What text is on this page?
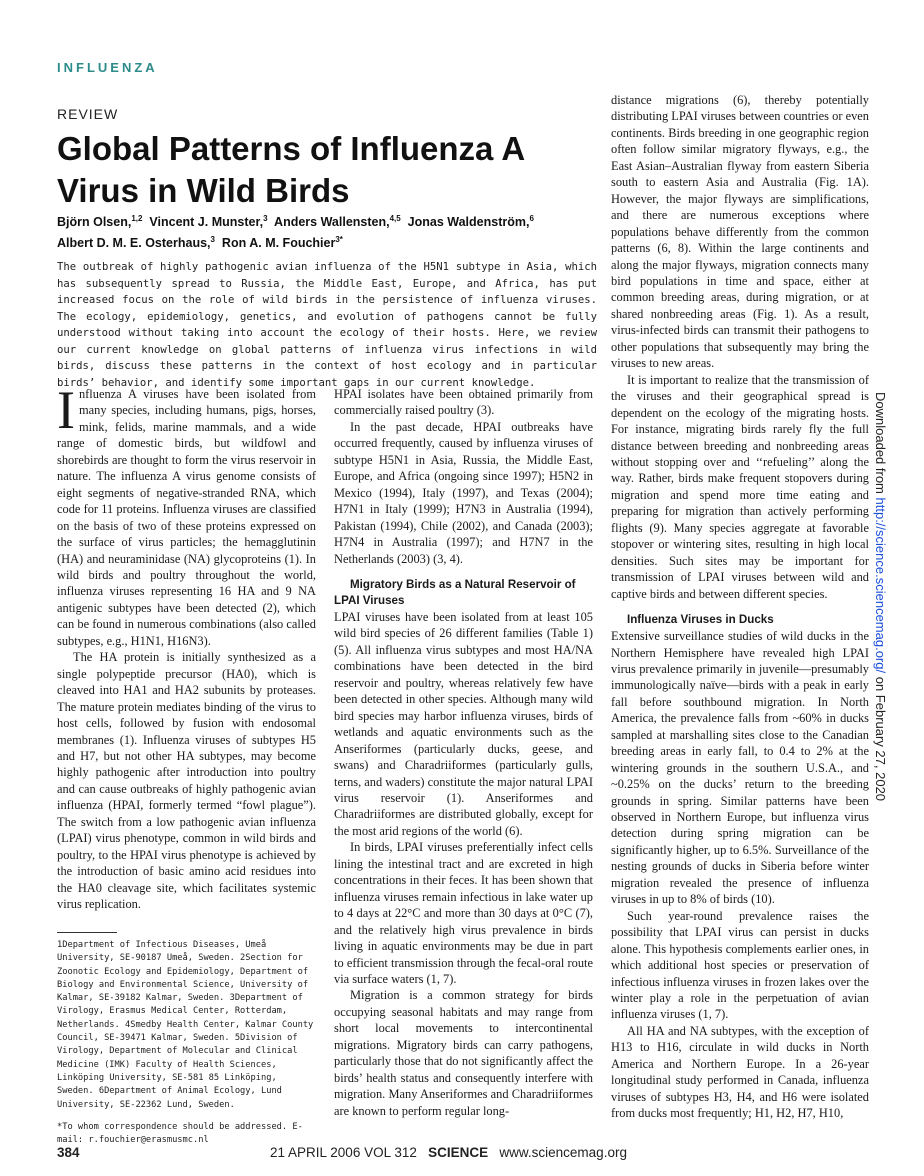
INFLUENZA
REVIEW
Global Patterns of Influenza A Virus in Wild Birds
Björn Olsen,$^{1,2}$ Vincent J. Munster,$^3$ Anders Wallensten,$^{4,5}$ Jonas Waldenström,$^6$
Albert D. M. E. Osterhaus,$^3$ Ron A. M. Fouchier$^{3*}$
The outbreak of highly pathogenic avian influenza of the H5N1 subtype in Asia, which has subsequently spread to Russia, the Middle East, Europe, and Africa, has put increased focus on the role of wild birds in the persistence of influenza viruses. The ecology, epidemiology, genetics, and evolution of pathogens cannot be fully understood without taking into account the ecology of their hosts. Here, we review our current knowledge on global patterns of influenza virus infections in wild birds, discuss these patterns in the context of host ecology and in particular birds’ behavior, and identify some important gaps in our current knowledge.

Influenza A viruses have been isolated from many species, including humans, pigs, horses, mink, felids, marine mammals, and a wide range of domestic birds, but wildfowl and shorebirds are thought to form the virus reservoir in nature. The influenza A virus genome consists of eight segments of negative-stranded RNA, which code for 11 proteins. Influenza viruses are classified on the basis of two of these proteins expressed on the surface of virus particles; the hemagglutinin (HA) and neuraminidase (NA) glycoproteins (1). In wild birds and poultry throughout the world, influenza viruses representing 16 HA and 9 NA antigenic subtypes have been detected (2), which can be found in numerous combinations (also called subtypes, e.g., H1N1, H16N3).

The HA protein is initially synthesized as a single polypeptide precursor (HA0), which is cleaved into HA1 and HA2 subunits by proteases. The mature protein mediates binding of the virus to host cells, followed by fusion with endosomal membranes (1). Influenza viruses of subtypes H5 and H7, but not other HA subtypes, may become highly pathogenic after introduction into poultry and can cause outbreaks of highly pathogenic avian influenza (HPAI, formerly termed “fowl plague”). The switch from a low pathogenic avian influenza (LPAI) virus phenotype, common in wild birds and poultry, to the HPAI virus phenotype is achieved by the introduction of basic amino acid residues into the HA0 cleavage site, which facilitates systemic virus replication.

HPAI isolates have been obtained primarily from commercially raised poultry (3).

In the past decade, HPAI outbreaks have occurred frequently, caused by influenza viruses of subtype H5N1 in Asia, Russia, the Middle East, Europe, and Africa (ongoing since 1997); H5N2 in Mexico (1994), Italy (1997), and Texas (2004); H7N1 in Italy (1999); H7N3 in Australia (1994), Pakistan (1994), Chile (2002), and Canada (2003); H7N4 in Australia (1997); and H7N7 in the Netherlands (2003) (3, 4).

Migratory Birds as a Natural Reservoir of LPAI Viruses

LPAI viruses have been isolated from at least 105 wild bird species of 26 different families (Table 1) (5). All influenza virus subtypes and most HA/NA combinations have been detected in the bird reservoir and poultry, whereas relatively few have been detected in other species. Although many wild bird species may harbor influenza viruses, birds of wetlands and aquatic environments such as the Anseriformes (particularly ducks, geese, and swans) and Charadriiformes (particularly gulls, terns, and waders) constitute the major natural LPAI virus reservoir (1). Anseriformes and Charadriiformes are distributed globally, except for the most arid regions of the world (6).

In birds, LPAI viruses preferentially infect cells lining the intestinal tract and are excreted in high concentrations in their feces. It has been shown that influenza viruses remain infectious in lake water up to 4 days at 22°C and more than 30 days at 0°C (7), and the relatively high virus prevalence in birds living in aquatic environments may be due in part to efficient transmission through the fecal-oral route via surface waters (1, 7).

Migration is a common strategy for birds occupying seasonal habitats and may range from short local movements to intercontinental migrations. Migratory birds can carry pathogens, particularly those that do not significantly affect the birds’ health status and consequently interfere with migration. Many Anseriformes and Charadriiformes are known to perform regular long-

distance migrations (6), thereby potentially distributing LPAI viruses between countries or even continents. Birds breeding in one geographic region often follow similar migratory flyways, e.g., the East Asian–Australian flyway from eastern Siberia south to eastern Asia and Australia (Fig. 1A). However, the major flyways are simplifications, and there are numerous exceptions where populations behave differently from the common patterns (6, 8). Within the large continents and along the major flyways, migration connects many bird populations in time and space, either at common breeding areas, during migration, or at shared nonbreeding areas (Fig. 1). As a result, virus-infected birds can transmit their pathogens to other populations that subsequently may bring the viruses to new areas.

It is important to realize that the transmission of the viruses and their geographical spread is dependent on the ecology of the migrating hosts. For instance, migrating birds rarely fly the full distance between breeding and nonbreeding areas without stopping over and ‘‘refueling’’ along the way. Rather, birds make frequent stopovers during migration and spend more time eating and preparing for migration than actively performing flights (9). Many species aggregate at favorable stopover or wintering sites, resulting in high local densities. Such sites may be important for transmission of LPAI viruses between wild and captive birds and between different species.

Influenza Viruses in Ducks

Extensive surveillance studies of wild ducks in the Northern Hemisphere have revealed high LPAI virus prevalence primarily in juvenile—presumably immunologically naïve—birds with a peak in early fall before southbound migration. In North America, the prevalence falls from ~60% in ducks sampled at marshalling sites close to the Canadian breeding areas in early fall, to 0.4 to 2% at the wintering grounds in the southern U.S.A., and ~0.25% on the ducks’ return to the breeding grounds in spring. Similar patterns have been observed in Northern Europe, but influenza virus detection during spring migration can be significantly higher, up to 6.5%. Surveillance of the nesting grounds of ducks in Siberia before winter migration revealed the presence of influenza viruses in up to 8% of birds (10).

Such year-round prevalence raises the possibility that LPAI virus can persist in ducks alone. This hypothesis complements earlier ones, in which additional host species or preservation of infectious influenza viruses in frozen lakes over the winter play a role in the perpetuation of avian influenza viruses (1, 7).

All HA and NA subtypes, with the exception of H13 to H16, circulate in wild ducks in North America and Northern Europe. In a 26-year longitudinal study performed in Canada, influenza viruses of subtypes H3, H4, and H6 were isolated from ducks most frequently; H1, H2, H7, H10,

1Department of Infectious Diseases, Umeå University, SE-90187 Umeå, Sweden. 2Section for Zoonotic Ecology and Epidemiology, Department of Biology and Environmental Science, University of Kalmar, SE-39182 Kalmar, Sweden. 3Department of Virology, Erasmus Medical Center, Rotterdam, Netherlands. 4Smedby Health Center, Kalmar County Council, SE-39471 Kalmar, Sweden. 5Division of Virology, Department of Molecular and Clinical Medicine (IMK) Faculty of Health Sciences, Linköping University, SE-581 85 Linköping, Sweden. 6Department of Animal Ecology, Lund University, SE-22362 Lund, Sweden.

*To whom correspondence should be addressed. E-mail: r.fouchier@erasmusmc.nl

384	21 APRIL 2006 VOL 312 SCIENCE www.sciencemag.org
Downloaded from http://science.sciencemag.org/ on February 27, 2020
